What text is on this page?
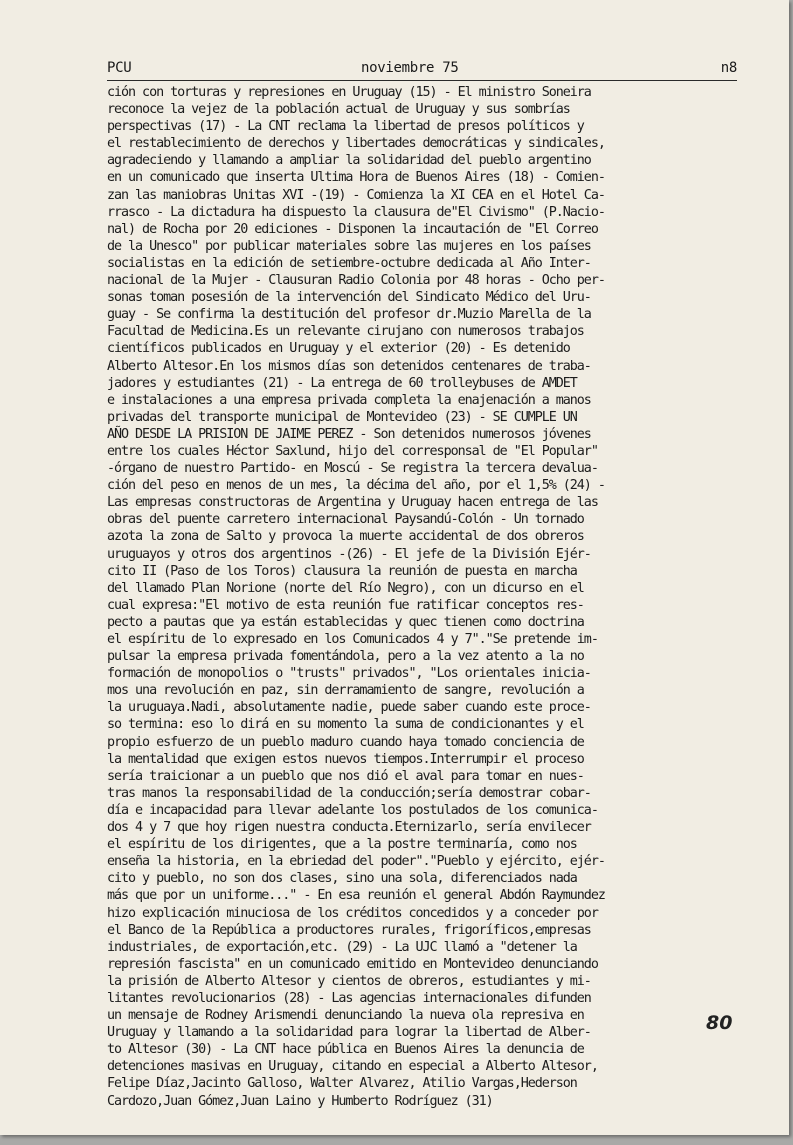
PCU	noviembre 75	n8
ción con torturas y represiones en Uruguay (15) - El ministro Soneira
reconoce la vejez de la población actual de Uruguay y sus sombrías
perspectivas (17) - La CNT reclama la libertad de presos políticos y
el restablecimiento de derechos y libertades democráticas y sindicales,
agradeciendo y llamando a ampliar la solidaridad del pueblo argentino
en un comunicado que inserta Ultima Hora de Buenos Aires (18) - Comien-
zan las maniobras Unitas XVI -(19) - Comienza la XI CEA en el Hotel Ca-
rrasco - La dictadura ha dispuesto la clausura de"El Civismo" (P.Nacio-
nal) de Rocha por 20 ediciones - Disponen la incautación de "El Correo
de la Unesco" por publicar materiales sobre las mujeres en los países
socialistas en la edición de setiembre-octubre dedicada al Año Inter-
nacional de la Mujer - Clausuran Radio Colonia por 48 horas - Ocho per-
sonas toman posesión de la intervención del Sindicato Médico del Uru-
guay - Se confirma la destitución del profesor dr.Muzio Marella de la
Facultad de Medicina.Es un relevante cirujano con numerosos trabajos
científicos publicados en Uruguay y el exterior (20) - Es detenido
Alberto Altesor.En los mismos días son detenidos centenares de traba-
jadores y estudiantes (21) - La entrega de 60 trolleybuses de AMDET
e instalaciones a una empresa privada completa la enajenación a manos
privadas del transporte municipal de Montevideo (23) - SE CUMPLE UN
AÑO DESDE LA PRISION DE JAIME PEREZ - Son detenidos numerosos jóvenes
entre los cuales Héctor Saxlund, hijo del corresponsal de "El Popular"
-órgano de nuestro Partido- en Moscú - Se registra la tercera devalua-
ción del peso en menos de un mes, la décima del año, por el 1,5% (24) -
Las empresas constructoras de Argentina y Uruguay hacen entrega de las
obras del puente carretero internacional Paysandú-Colón - Un tornado
azota la zona de Salto y provoca la muerte accidental de dos obreros
uruguayos y otros dos argentinos -(26) - El jefe de la División Ejér-
cito II (Paso de los Toros) clausura la reunión de puesta en marcha
del llamado Plan Norione (norte del Río Negro), con un dicurso en el
cual expresa:"El motivo de esta reunión fue ratificar conceptos res-
pecto a pautas que ya están establecidas y quec tienen como doctrina
el espíritu de lo expresado en los Comunicados 4 y 7"."Se pretende im-
pulsar la empresa privada fomentándola, pero a la vez atento a la no
formación de monopolios o "trusts" privados", "Los orientales inicia-
mos una revolución en paz, sin derramamiento de sangre, revolución a
la uruguaya.Nadi, absolutamente nadie, puede saber cuando este proce-
so termina: eso lo dirá en su momento la suma de condicionantes y el
propio esfuerzo de un pueblo maduro cuando haya tomado conciencia de
la mentalidad que exigen estos nuevos tiempos.Interrumpir el proceso
sería traicionar a un pueblo que nos dió el aval para tomar en nues-
tras manos la responsabilidad de la conducción;sería demostrar cobar-
día e incapacidad para llevar adelante los postulados de los comunica-
dos 4 y 7 que hoy rigen nuestra conducta.Eternizarlo, sería envilecer
el espíritu de los dirigentes, que a la postre terminaría, como nos
enseña la historia, en la ebriedad del poder"."Pueblo y ejército, ejér-
cito y pueblo, no son dos clases, sino una sola, diferenciados nada
más que por un uniforme..." - En esa reunión el general Abdón Raymundez
hizo explicación minuciosa de los créditos concedidos y a conceder por
el Banco de la República a productores rurales, frigoríficos,empresas
industriales, de exportación,etc. (29) - La UJC llamó a "detener la
represión fascista" en un comunicado emitido en Montevideo denunciando
la prisión de Alberto Altesor y cientos de obreros, estudiantes y mi-
litantes revolucionarios (28) - Las agencias internacionales difunden
un mensaje de Rodney Arismendi denunciando la nueva ola represiva en
Uruguay y llamando a la solidaridad para lograr la libertad de Alber-
to Altesor (30) - La CNT hace pública en Buenos Aires la denuncia de
detenciones masivas en Uruguay, citando en especial a Alberto Altesor,
Felipe Díaz,Jacinto Galloso, Walter Alvarez, Atilio Vargas,Hederson
Cardozo,Juan Gómez,Juan Laino y Humberto Rodríguez (31)
80
